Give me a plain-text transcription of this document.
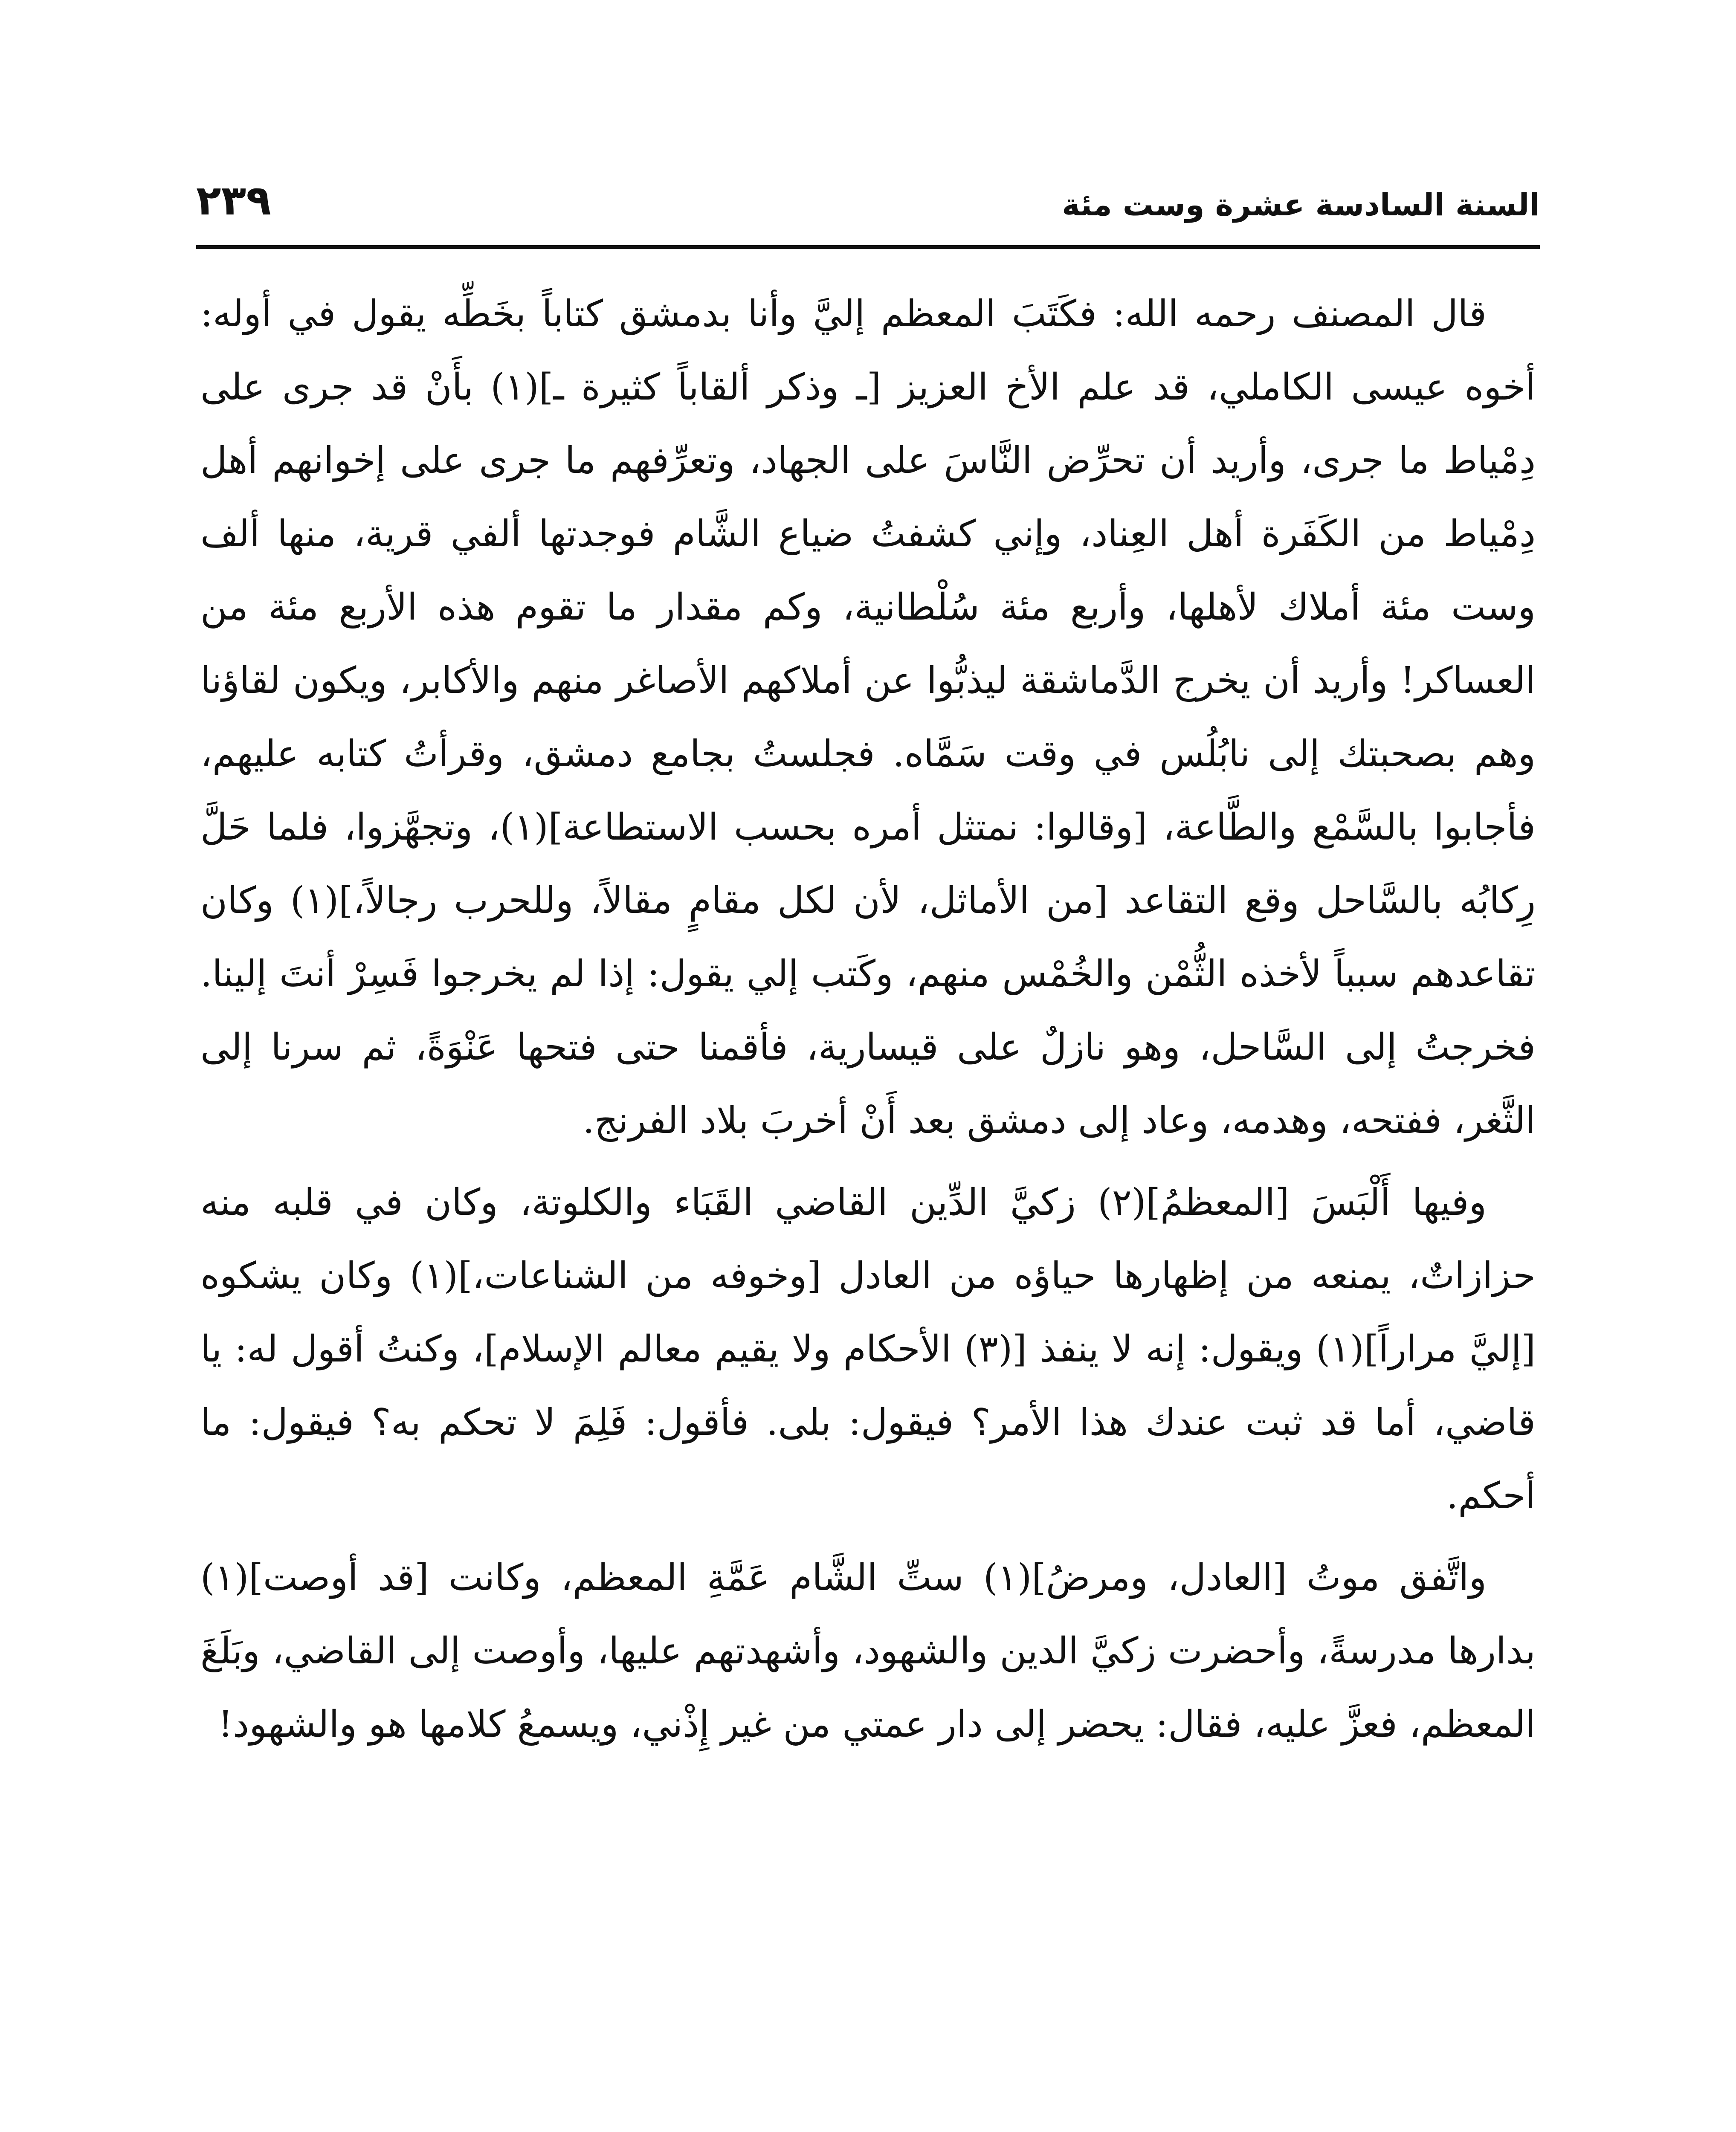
السنة السادسة عشرة وست مئة
٢٣٩

قال المصنف رحمه الله: فكَتَبَ المعظم إليَّ وأنا بدمشق كتاباً بخَطِّه يقول في أوله: أخوه عيسى الكاملي، قد علم الأخ العزيز [ـ وذكر ألقاباً كثيرة ـ](١) بأَنْ قد جرى على دِمْياط ما جرى، وأريد أن تحرِّض النَّاسَ على الجهاد، وتعرِّفهم ما جرى على إخوانهم أهل دِمْياط من الكَفَرة أهل العِناد، وإني كشفتُ ضياع الشَّام فوجدتها ألفي قرية، منها ألف وست مئة أملاك لأهلها، وأربع مئة سُلْطانية، وكم مقدار ما تقوم هذه الأربع مئة من العساكر! وأريد أن يخرج الدَّماشقة ليذبُّوا عن أملاكهم الأصاغر منهم والأكابر، ويكون لقاؤنا وهم بصحبتك إلى نابُلُس في وقت سَمَّاه. فجلستُ بجامع دمشق، وقرأتُ كتابه عليهم، فأجابوا بالسَّمْع والطَّاعة، [وقالوا: نمتثل أمره بحسب الاستطاعة](١)، وتجهَّزوا، فلما حَلَّ رِكابُه بالسَّاحل وقع التقاعد [من الأماثل، لأن لكل مقامٍ مقالاً، وللحرب رجالاً،](١) وكان تقاعدهم سبباً لأخذه الثُّمْن والخُمْس منهم، وكَتب إلي يقول: إذا لم يخرجوا فَسِرْ أنتَ إلينا. فخرجتُ إلى السَّاحل، وهو نازلٌ على قيسارية، فأقمنا حتى فتحها عَنْوَةً، ثم سرنا إلى الثَّغر، ففتحه، وهدمه، وعاد إلى دمشق بعد أَنْ أخربَ بلاد الفرنج.

وفيها أَلْبَسَ [المعظمُ](٢) زكيَّ الدِّين القاضي القَبَاء والكلوتة، وكان في قلبه منه حزازاتٌ، يمنعه من إظهارها حياؤه من العادل [وخوفه من الشناعات،](١) وكان يشكوه [إليَّ مراراً](١) ويقول: إنه لا ينفذ [(٣) الأحكام ولا يقيم معالم الإسلام]، وكنتُ أقول له: يا قاضي، أما قد ثبت عندك هذا الأمر؟ فيقول: بلى. فأقول: فَلِمَ لا تحكم به؟ فيقول: ما أحكم.

واتَّفق موتُ [العادل، ومرضُ](١) ستِّ الشَّام عَمَّةِ المعظم، وكانت [قد أوصت](١) بدارها مدرسةً، وأحضرت زكيَّ الدين والشهود، وأشهدتهم عليها، وأوصت إلى القاضي، وبَلَغَ المعظم، فعزَّ عليه، فقال: يحضر إلى دار عمتي من غير إِذْني، ويسمعُ كلامها هو والشهود!
